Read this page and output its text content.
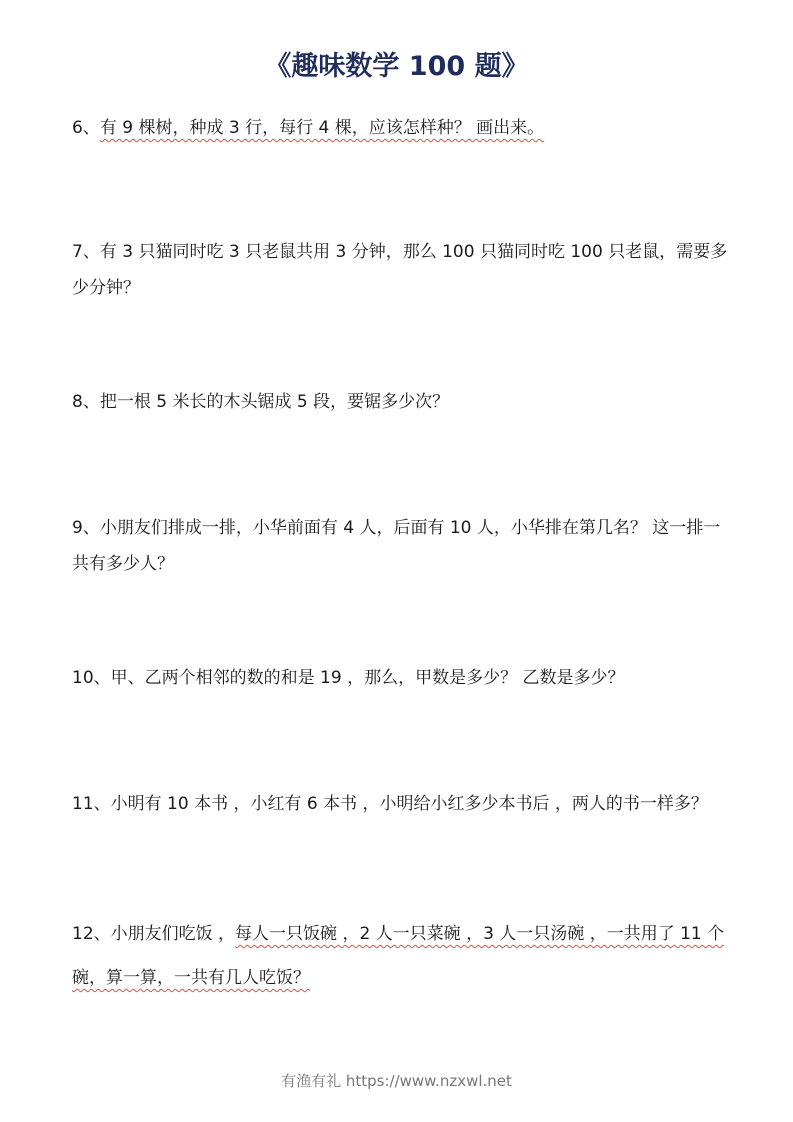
《趣味数学 100 题》

6、有 9 棵树，种成 3 行，每行 4 棵，应该怎样种？ 画出来。

7、有 3 只猫同时吃 3 只老鼠共用 3 分钟，那么 100 只猫同时吃 100 只老鼠，需要多少分钟？

8、把一根 5 米长的木头锯成 5 段，要锯多少次？

9、小朋友们排成一排，小华前面有 4 人，后面有 10 人，小华排在第几名？ 这一排一共有多少人？

10、甲、乙两个相邻的数的和是 19 ，那么，甲数是多少？ 乙数是多少？

11、小明有 10 本书 ，小红有 6 本书 ，小明给小红多少本书后 ，两人的书一样多？

12、小朋友们吃饭 ，每人一只饭碗 ，2 人一只菜碗 ，3 人一只汤碗 ，一共用了 11 个碗，算一算，一共有几人吃饭？

有渔有礼 https://www.nzxwl.net
